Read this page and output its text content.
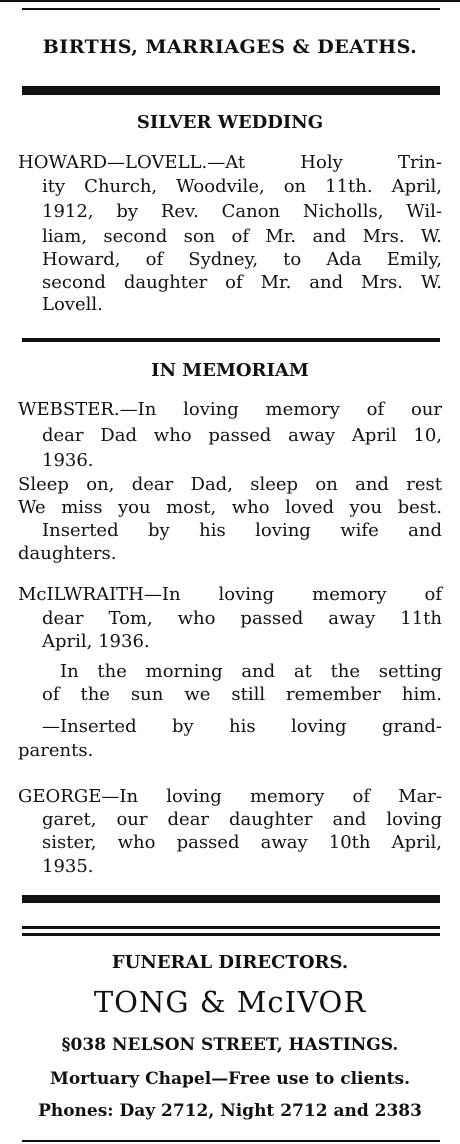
BIRTHS, MARRIAGES & DEATHS.
SILVER WEDDING
HOWARD—LOVELL.—At Holy Trin-
ity Church, Woodvile, on 11th. April,
1912, by Rev. Canon Nicholls, Wil-
liam, second son of Mr. and Mrs. W.
Howard, of Sydney, to Ada Emily,
second daughter of Mr. and Mrs. W.
Lovell.
IN MEMORIAM
WEBSTER.—In loving memory of our
dear Dad who passed away April 10,
1936.
Sleep on, dear Dad, sleep on and rest
We miss you most, who loved you best.
Inserted by his loving wife and
daughters.
McILWRAITH—In loving memory of
dear Tom, who passed away 11th
April, 1936.
In the morning and at the setting
of the sun we still remember him.
—Inserted by his loving grand-
parents.
GEORGE—In loving memory of Mar-
garet, our dear daughter and loving
sister, who passed away 10th April,
1935.
FUNERAL DIRECTORS.
TONG & McIVOR
§038 NELSON STREET, HASTINGS.
Mortuary Chapel—Free use to clients.
Phones: Day 2712, Night 2712 and 2383
